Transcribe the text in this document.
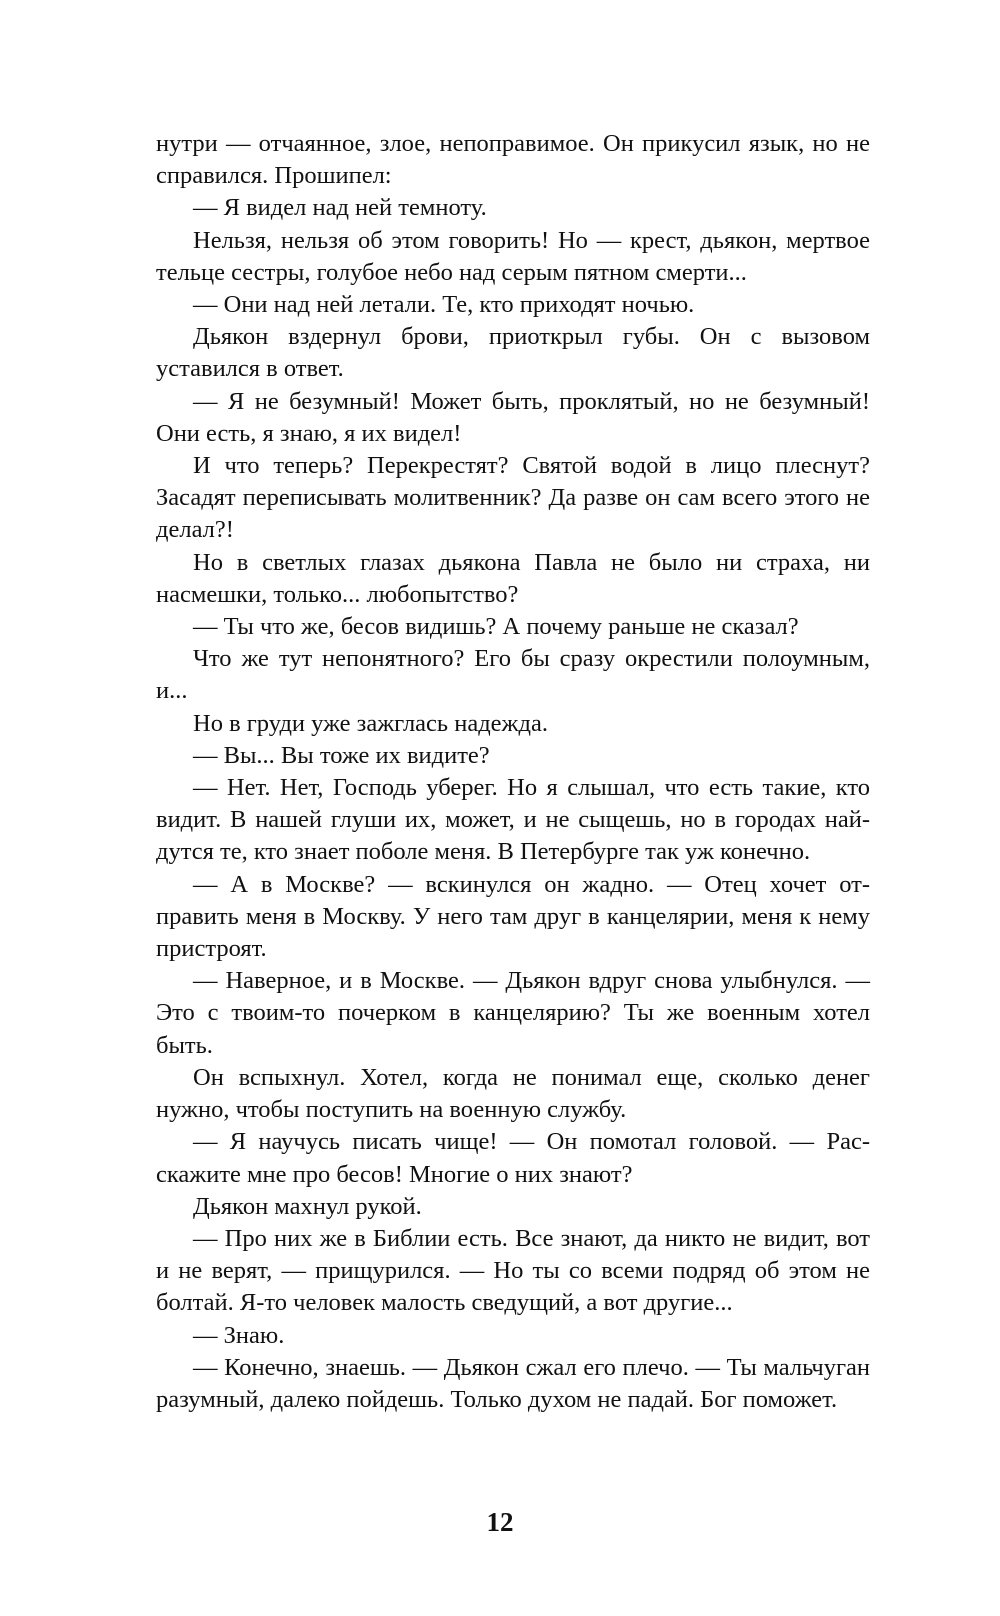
нутри — отчаянное, злое, непоправимое. Он прикусил язык, но не справился. Прошипел:

— Я видел над ней темноту.

Нельзя, нельзя об этом говорить! Но — крест, дьякон, мертвое тельце сестры, голубое небо над серым пятном смерти...

— Они над ней летали. Те, кто приходят ночью.

Дьякон вздернул брови, приоткрыл губы. Он с вызовом уставился в ответ.

— Я не безумный! Может быть, проклятый, но не безумный! Они есть, я знаю, я их видел!

И что теперь? Перекрестят? Святой водой в лицо плеснут? Засадят переписывать молитвенник? Да разве он сам всего этого не делал?!

Но в светлых глазах дьякона Павла не было ни страха, ни насмешки, только... любопытство?

— Ты что же, бесов видишь? А почему раньше не сказал?

Что же тут непонятного? Его бы сразу окрестили полоумным, и...

Но в груди уже зажглась надежда.

— Вы... Вы тоже их видите?

— Нет. Нет, Господь уберег. Но я слышал, что есть такие, кто видит. В нашей глуши их, может, и не сыщешь, но в городах найдутся те, кто знает поболе меня. В Петербурге так уж конечно.

— А в Москве? — вскинулся он жадно. — Отец хочет отправить меня в Москву. У него там друг в канцелярии, меня к нему пристроят.

— Наверное, и в Москве. — Дьякон вдруг снова улыбнулся. — Это с твоим-то почерком в канцелярию? Ты же военным хотел быть.

Он вспыхнул. Хотел, когда не понимал еще, сколько денег нужно, чтобы поступить на военную службу.

— Я научусь писать чище! — Он помотал головой. — Расскажите мне про бесов! Многие о них знают?

Дьякон махнул рукой.

— Про них же в Библии есть. Все знают, да никто не видит, вот и не верят, — прищурился. — Но ты со всеми подряд об этом не болтай. Я-то человек малость сведущий, а вот другие...

— Знаю.

— Конечно, знаешь. — Дьякон сжал его плечо. — Ты мальчуган разумный, далеко пойдешь. Только духом не падай. Бог поможет.

12
